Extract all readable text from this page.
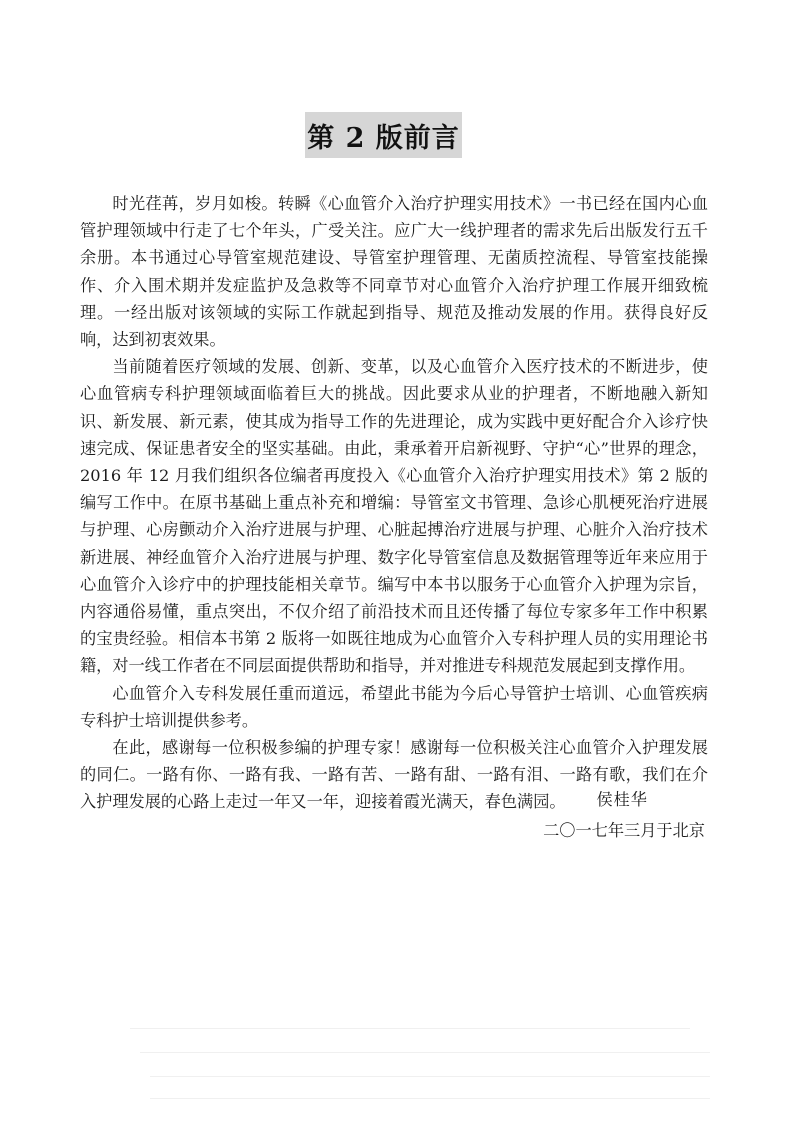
第 2 版前言

时光荏苒，岁月如梭。转瞬《心血管介入治疗护理实用技术》一书已经在国内心血管护理领域中行走了七个年头，广受关注。应广大一线护理者的需求先后出版发行五千余册。本书通过心导管室规范建设、导管室护理管理、无菌质控流程、导管室技能操作、介入围术期并发症监护及急救等不同章节对心血管介入治疗护理工作展开细致梳理。一经出版对该领域的实际工作就起到指导、规范及推动发展的作用。获得良好反响，达到初衷效果。

当前随着医疗领域的发展、创新、变革，以及心血管介入医疗技术的不断进步，使心血管病专科护理领域面临着巨大的挑战。因此要求从业的护理者，不断地融入新知识、新发展、新元素，使其成为指导工作的先进理论，成为实践中更好配合介入诊疗快速完成、保证患者安全的坚实基础。由此，秉承着开启新视野、守护“心”世界的理念，2016 年 12 月我们组织各位编者再度投入《心血管介入治疗护理实用技术》第 2 版的编写工作中。在原书基础上重点补充和增编：导管室文书管理、急诊心肌梗死治疗进展与护理、心房颤动介入治疗进展与护理、心脏起搏治疗进展与护理、心脏介入治疗技术新进展、神经血管介入治疗进展与护理、数字化导管室信息及数据管理等近年来应用于心血管介入诊疗中的护理技能相关章节。编写中本书以服务于心血管介入护理为宗旨，内容通俗易懂，重点突出，不仅介绍了前沿技术而且还传播了每位专家多年工作中积累的宝贵经验。相信本书第 2 版将一如既往地成为心血管介入专科护理人员的实用理论书籍，对一线工作者在不同层面提供帮助和指导，并对推进专科规范发展起到支撑作用。

心血管介入专科发展任重而道远，希望此书能为今后心导管护士培训、心血管疾病专科护士培训提供参考。

在此，感谢每一位积极参编的护理专家！感谢每一位积极关注心血管介入护理发展的同仁。一路有你、一路有我、一路有苦、一路有甜、一路有泪、一路有歌，我们在介入护理发展的心路上走过一年又一年，迎接着霞光满天，春色满园。	侯桂华
二〇一七年三月于北京
